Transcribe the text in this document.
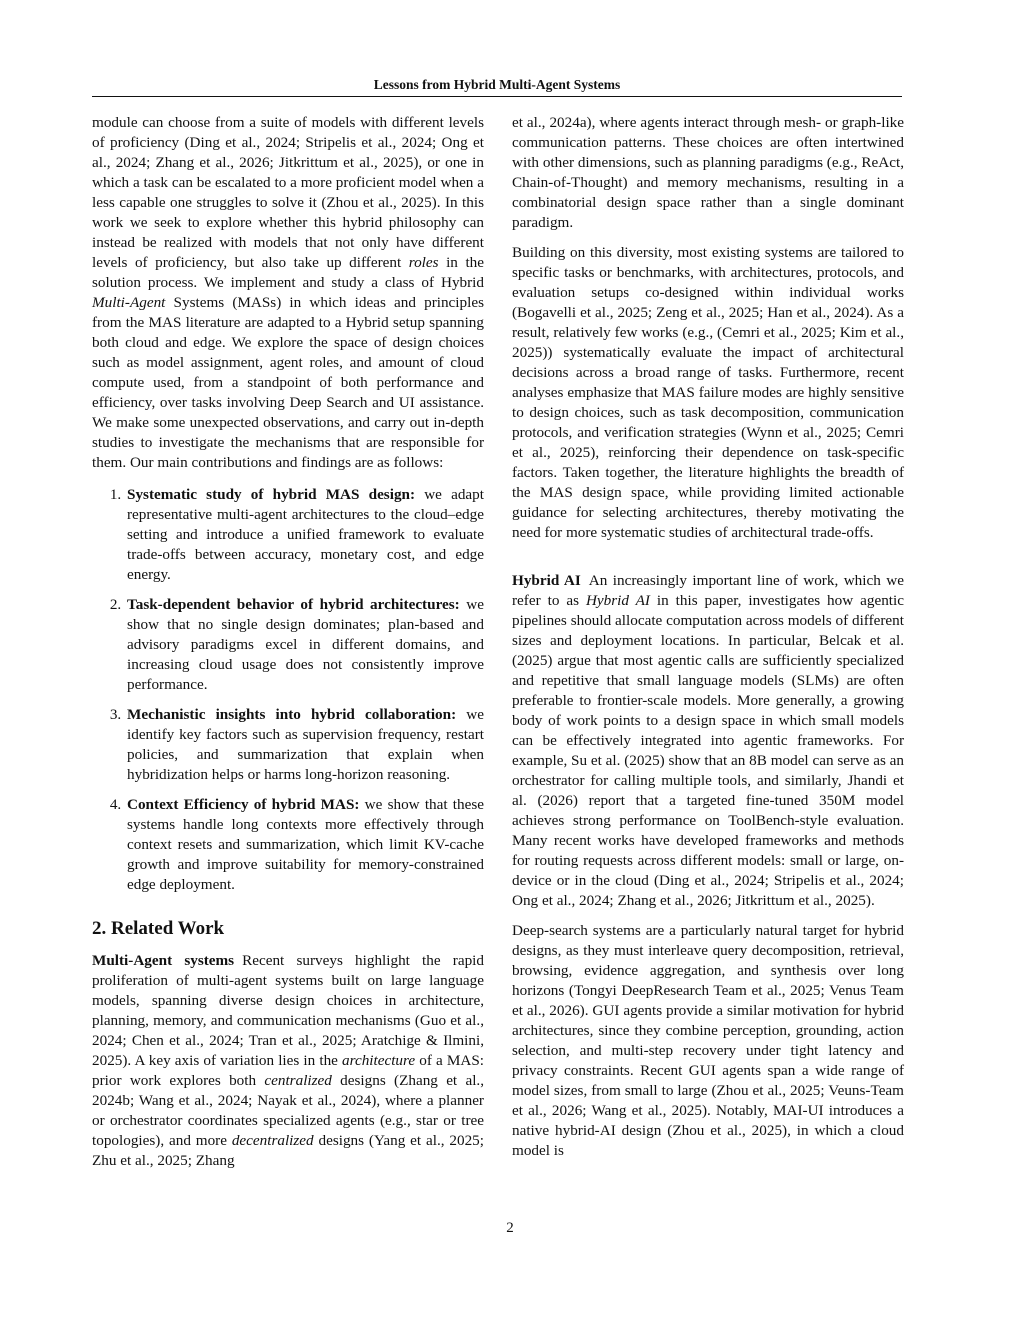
Lessons from Hybrid Multi-Agent Systems

module can choose from a suite of models with different levels of proficiency (Ding et al., 2024; Stripelis et al., 2024; Ong et al., 2024; Zhang et al., 2026; Jitkrittum et al., 2025), or one in which a task can be escalated to a more proficient model when a less capable one struggles to solve it (Zhou et al., 2025). In this work we seek to explore whether this hybrid philosophy can instead be realized with models that not only have different levels of proficiency, but also take up different roles in the solution process. We implement and study a class of Hybrid Multi-Agent Systems (MASs) in which ideas and principles from the MAS literature are adapted to a Hybrid setup spanning both cloud and edge. We explore the space of design choices such as model assignment, agent roles, and amount of cloud compute used, from a standpoint of both performance and efficiency, over tasks involving Deep Search and UI assistance. We make some unexpected observations, and carry out in-depth studies to investigate the mechanisms that are responsible for them. Our main contributions and findings are as follows:

1. Systematic study of hybrid MAS design: we adapt representative multi-agent architectures to the cloud–edge setting and introduce a unified framework to evaluate trade-offs between accuracy, monetary cost, and edge energy.
2. Task-dependent behavior of hybrid architectures: we show that no single design dominates; plan-based and advisory paradigms excel in different domains, and increasing cloud usage does not consistently improve performance.
3. Mechanistic insights into hybrid collaboration: we identify key factors such as supervision frequency, restart policies, and summarization that explain when hybridization helps or harms long-horizon reasoning.
4. Context Efficiency of hybrid MAS: we show that these systems handle long contexts more effectively through context resets and summarization, which limit KV-cache growth and improve suitability for memory-constrained edge deployment.
2. Related Work

Multi-Agent systems Recent surveys highlight the rapid proliferation of multi-agent systems built on large language models, spanning diverse design choices in architecture, planning, memory, and communication mechanisms (Guo et al., 2024; Chen et al., 2024; Tran et al., 2025; Aratchige & Ilmini, 2025). A key axis of variation lies in the architecture of a MAS: prior work explores both centralized designs (Zhang et al., 2024b; Wang et al., 2024; Nayak et al., 2024), where a planner or orchestrator coordinates specialized agents (e.g., star or tree topologies), and more decentralized designs (Yang et al., 2025; Zhu et al., 2025; Zhang

et al., 2024a), where agents interact through mesh- or graph-like communication patterns. These choices are often intertwined with other dimensions, such as planning paradigms (e.g., ReAct, Chain-of-Thought) and memory mechanisms, resulting in a combinatorial design space rather than a single dominant paradigm.

Building on this diversity, most existing systems are tailored to specific tasks or benchmarks, with architectures, protocols, and evaluation setups co-designed within individual works (Bogavelli et al., 2025; Zeng et al., 2025; Han et al., 2024). As a result, relatively few works (e.g., (Cemri et al., 2025; Kim et al., 2025)) systematically evaluate the impact of architectural decisions across a broad range of tasks. Furthermore, recent analyses emphasize that MAS failure modes are highly sensitive to design choices, such as task decomposition, communication protocols, and verification strategies (Wynn et al., 2025; Cemri et al., 2025), reinforcing their dependence on task-specific factors. Taken together, the literature highlights the breadth of the MAS design space, while providing limited actionable guidance for selecting architectures, thereby motivating the need for more systematic studies of architectural trade-offs.

Hybrid AI An increasingly important line of work, which we refer to as Hybrid AI in this paper, investigates how agentic pipelines should allocate computation across models of different sizes and deployment locations. In particular, Belcak et al. (2025) argue that most agentic calls are sufficiently specialized and repetitive that small language models (SLMs) are often preferable to frontier-scale models. More generally, a growing body of work points to a design space in which small models can be effectively integrated into agentic frameworks. For example, Su et al. (2025) show that an 8B model can serve as an orchestrator for calling multiple tools, and similarly, Jhandi et al. (2026) report that a targeted fine-tuned 350M model achieves strong performance on ToolBench-style evaluation. Many recent works have developed frameworks and methods for routing requests across different models: small or large, on-device or in the cloud (Ding et al., 2024; Stripelis et al., 2024; Ong et al., 2024; Zhang et al., 2026; Jitkrittum et al., 2025).

Deep-search systems are a particularly natural target for hybrid designs, as they must interleave query decomposition, retrieval, browsing, evidence aggregation, and synthesis over long horizons (Tongyi DeepResearch Team et al., 2025; Venus Team et al., 2026). GUI agents provide a similar motivation for hybrid architectures, since they combine perception, grounding, action selection, and multi-step recovery under tight latency and privacy constraints. Recent GUI agents span a wide range of model sizes, from small to large (Zhou et al., 2025; Veuns-Team et al., 2026; Wang et al., 2025). Notably, MAI-UI introduces a native hybrid-AI design (Zhou et al., 2025), in which a cloud model is

2
